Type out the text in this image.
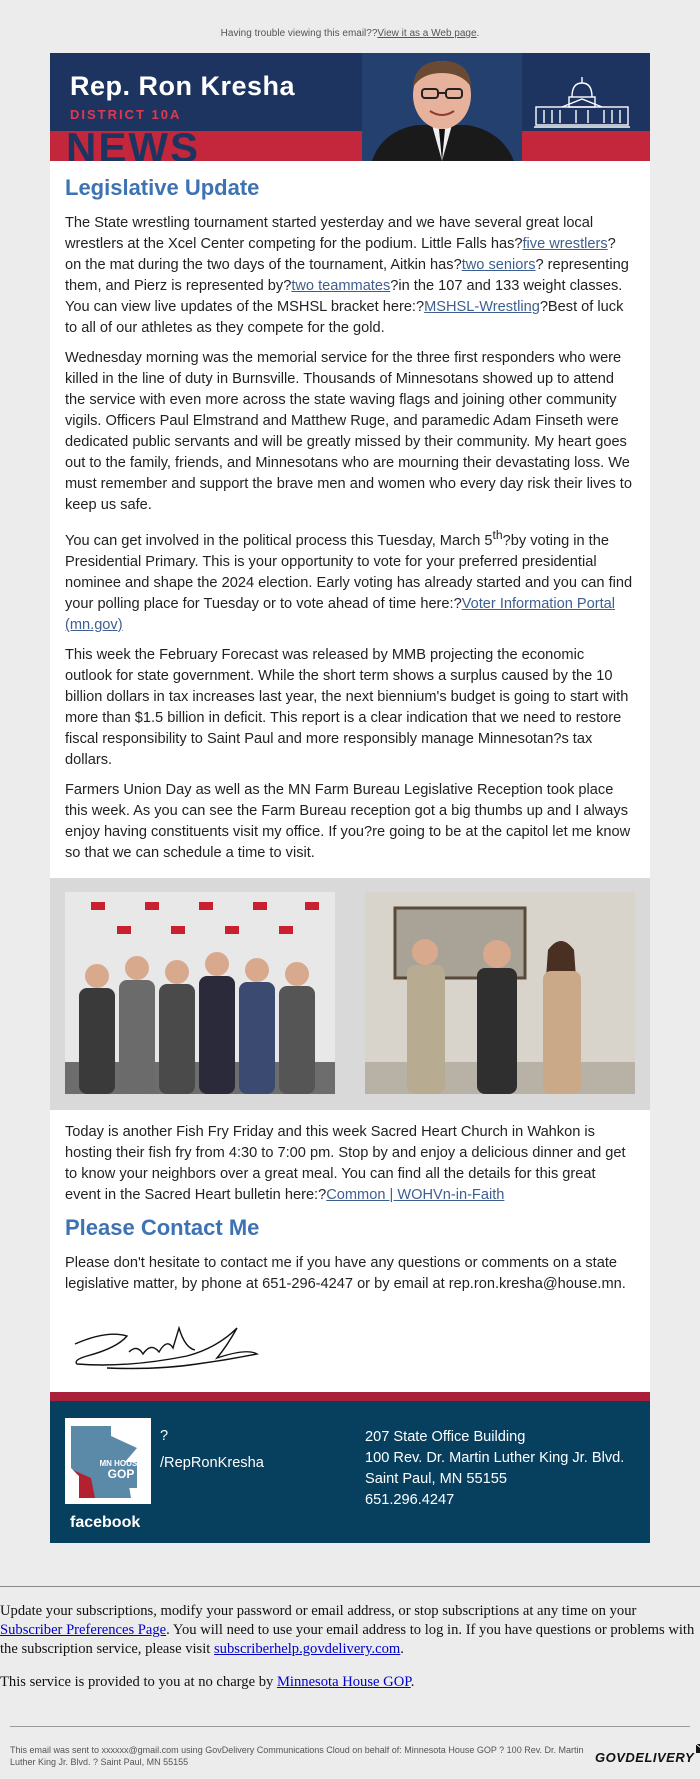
Having trouble viewing this email??View it as a Web page.
Rep. Ron Kresha
DISTRICT 10A
NEWS
Legislative Update

The State wrestling tournament started yesterday and we have several great local wrestlers at the Xcel Center competing for the podium. Little Falls has?five wrestlers? on the mat during the two days of the tournament, Aitkin has?two seniors? representing them, and Pierz is represented by?two teammates?in the 107 and 133 weight classes. You can view live updates of the MSHSL bracket here:?MSHSL-Wrestling?Best of luck to all of our athletes as they compete for the gold.

Wednesday morning was the memorial service for the three first responders who were killed in the line of duty in Burnsville. Thousands of Minnesotans showed up to attend the service with even more across the state waving flags and joining other community vigils. Officers Paul Elmstrand and Matthew Ruge, and paramedic Adam Finseth were dedicated public servants and will be greatly missed by their community. My heart goes out to the family, friends, and Minnesotans who are mourning their devastating loss. We must remember and support the brave men and women who every day risk their lives to keep us safe.

You can get involved in the political process this Tuesday, March 5th?by voting in the Presidential Primary. This is your opportunity to vote for your preferred presidential nominee and shape the 2024 election. Early voting has already started and you can find your polling place for Tuesday or to vote ahead of time here:?Voter Information Portal (mn.gov)

This week the February Forecast was released by MMB projecting the economic outlook for state government. While the short term shows a surplus caused by the 10 billion dollars in tax increases last year, the next biennium's budget is going to start with more than $1.5 billion in deficit. This report is a clear indication that we need to restore fiscal responsibility to Saint Paul and more responsibly manage Minnesotan?s tax dollars.

Farmers Union Day as well as the MN Farm Bureau Legislative Reception took place this week. As you can see the Farm Bureau reception got a big thumbs up and I always enjoy having constituents visit my office. If you?re going to be at the capitol let me know so that we can schedule a time to visit.

Today is another Fish Fry Friday and this week Sacred Heart Church in Wahkon is hosting their fish fry from 4:30 to 7:00 pm. Stop by and enjoy a delicious dinner and get to know your neighbors over a great meal. You can find all the details for this great event in the Sacred Heart bulletin here:?Common | WOHVn-in-Faith

Please Contact Me

Please don't hesitate to contact me if you have any questions or comments on a state legislative matter, by phone at 651-296-4247 or by email at rep.ron.kresha@house.mn.

MN HOUSE
GOP
facebook
?
/RepRonKresha
207 State Office Building
100 Rev. Dr. Martin Luther King Jr. Blvd.
Saint Paul, MN 55155
651.296.4247

Update your subscriptions, modify your password or email address, or stop subscriptions at any time on your Subscriber Preferences Page. You will need to use your email address to log in. If you have questions or problems with the subscription service, please visit subscriberhelp.govdelivery.com.

This service is provided to you at no charge by Minnesota House GOP.

This email was sent to xxxxxx@gmail.com using GovDelivery Communications Cloud on behalf of: Minnesota House GOP ? 100 Rev. Dr. Martin Luther King Jr. Blvd. ? Saint Paul, MN 55155	GOVDELIVERY
